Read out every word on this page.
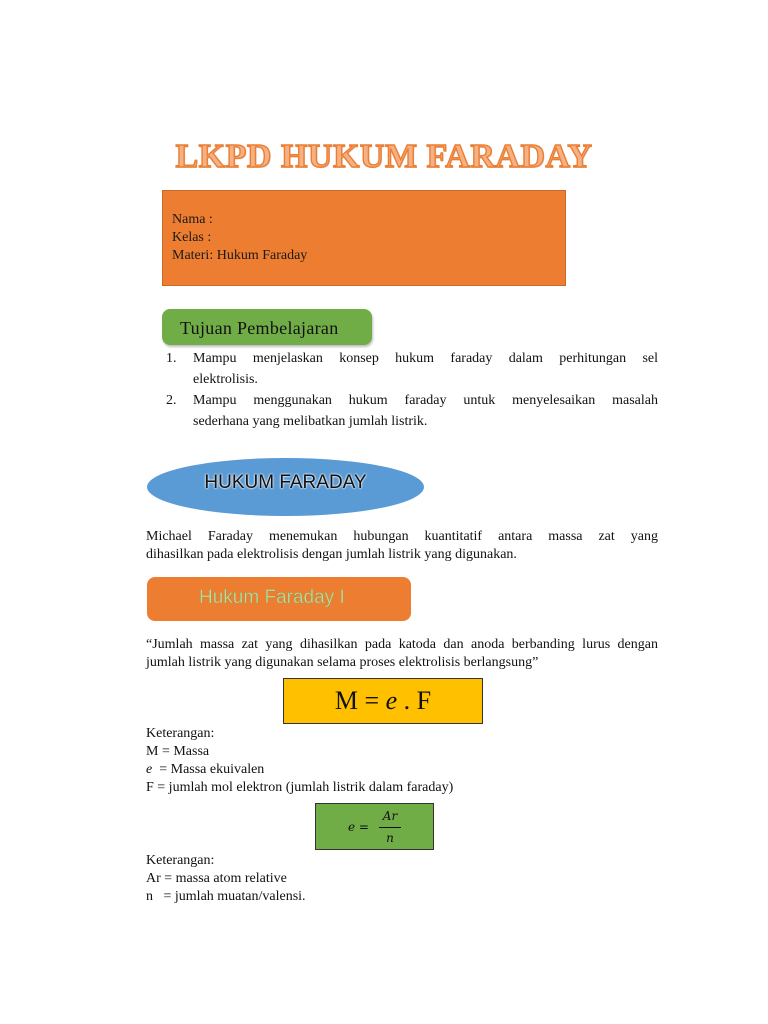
LKPD HUKUM FARADAY
Nama :
Kelas :
Materi: Hukum Faraday
Tujuan Pembelajaran
1. Mampu menjelaskan konsep hukum faraday dalam perhitungan sel
elektrolisis.
2. Mampu menggunakan hukum faraday untuk menyelesaikan masalah
sederhana yang melibatkan jumlah listrik.
HUKUM FARADAY
Michael Faraday menemukan hubungan kuantitatif antara massa zat yang
dihasilkan pada elektrolisis dengan jumlah listrik yang digunakan.
Hukum Faraday I
“Jumlah massa zat yang dihasilkan pada katoda dan anoda berbanding lurus dengan
jumlah listrik yang digunakan selama proses elektrolisis berlangsung”
M = e . F
Keterangan:
M = Massa
e  = Massa ekuivalen
F = jumlah mol elektron (jumlah listrik dalam faraday)
e =
Ar
n
Keterangan:
Ar = massa atom relative
n   = jumlah muatan/valensi.
